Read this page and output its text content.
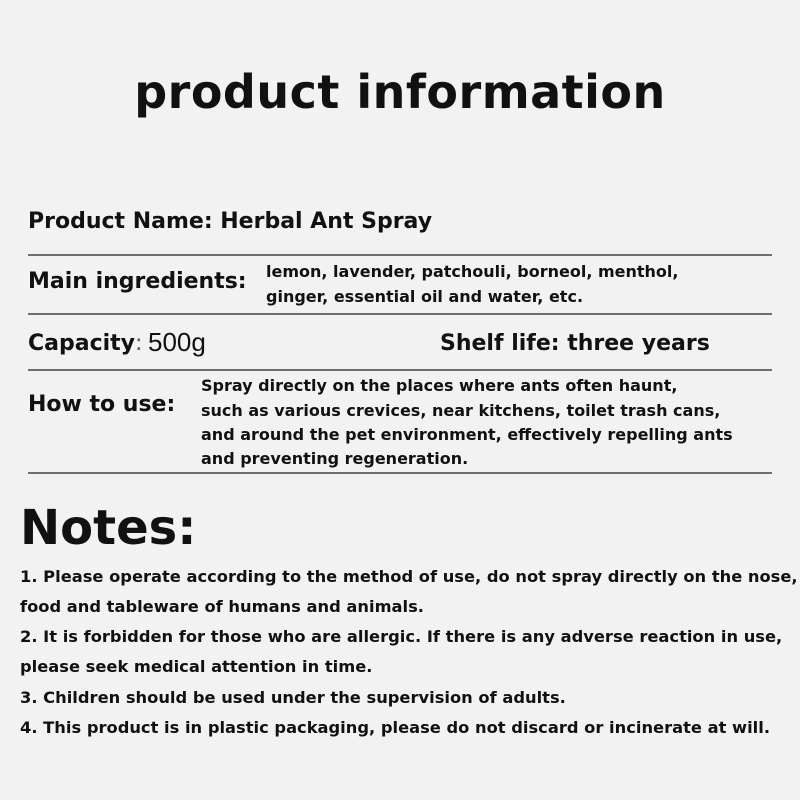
product information
Product Name: Herbal Ant Spray
Main ingredients: lemon, lavender, patchouli, borneol, menthol,
ginger, essential oil and water, etc.
Capacity: 500g	Shelf life: three years
How to use:
Spray directly on the places where ants often haunt,
such as various crevices, near kitchens, toilet trash cans,
and around the pet environment, effectively repelling ants
and preventing regeneration.
Notes:
1. Please operate according to the method of use, do not spray directly on the nose,
food and tableware of humans and animals.
2. It is forbidden for those who are allergic. If there is any adverse reaction in use,
please seek medical attention in time.
3. Children should be used under the supervision of adults.
4. This product is in plastic packaging, please do not discard or incinerate at will.
